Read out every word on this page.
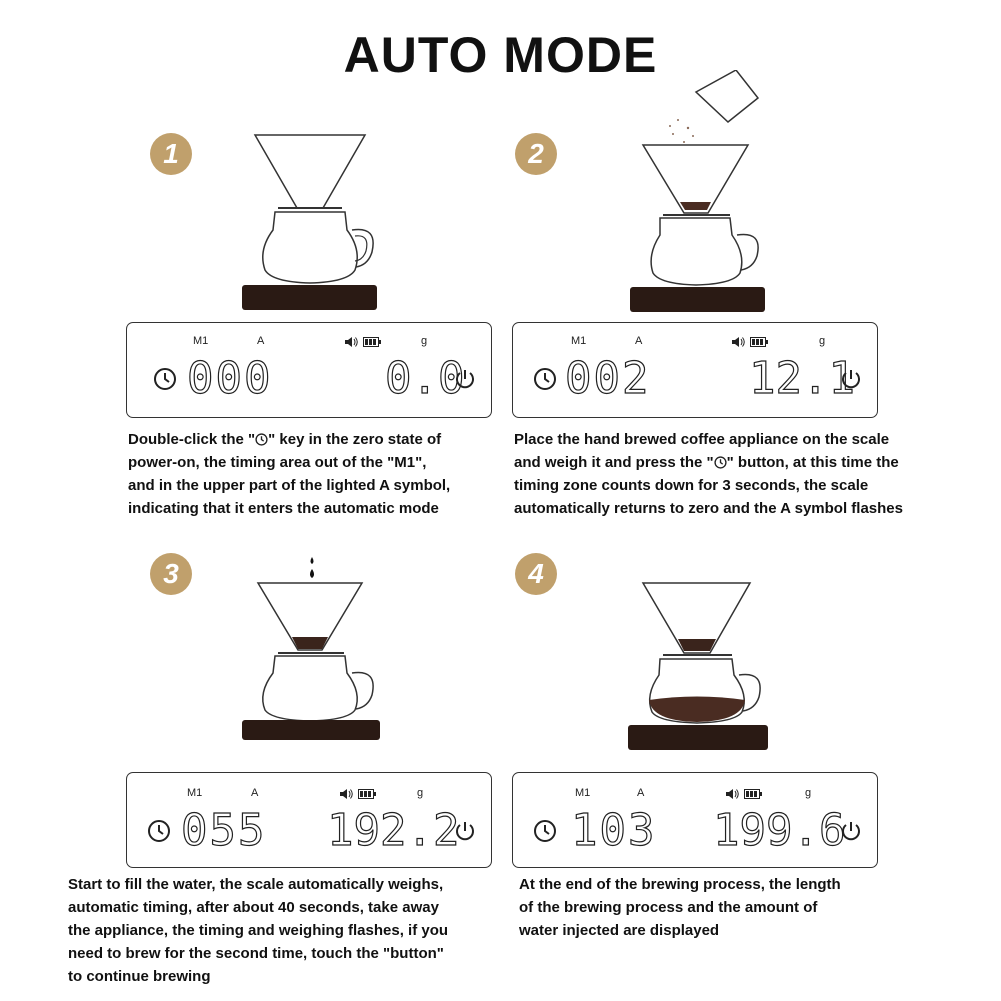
AUTO MODE
1
M1	A	g
000	0.0
Double-click the " " key in the zero state of
power-on, the timing area out of the "M1",
and in the upper part of the lighted A symbol,
indicating that it enters the automatic mode
2
M1	A	g
002 12.1
Place the hand brewed coffee appliance on the scale
and weigh it and press the " " button, at this time the
timing zone counts down for 3 seconds, the scale
automatically returns to zero and the A symbol flashes
3
M1	A	g
055 192.2
Start to fill the water, the scale automatically weighs,
automatic timing, after about 40 seconds, take away
the appliance, the timing and weighing flashes, if you
need to brew for the second time, touch the "button"
to continue brewing
4
M1	A	g
103 199.6
At the end of the brewing process, the length
of the brewing process and the amount of
water injected are displayed
